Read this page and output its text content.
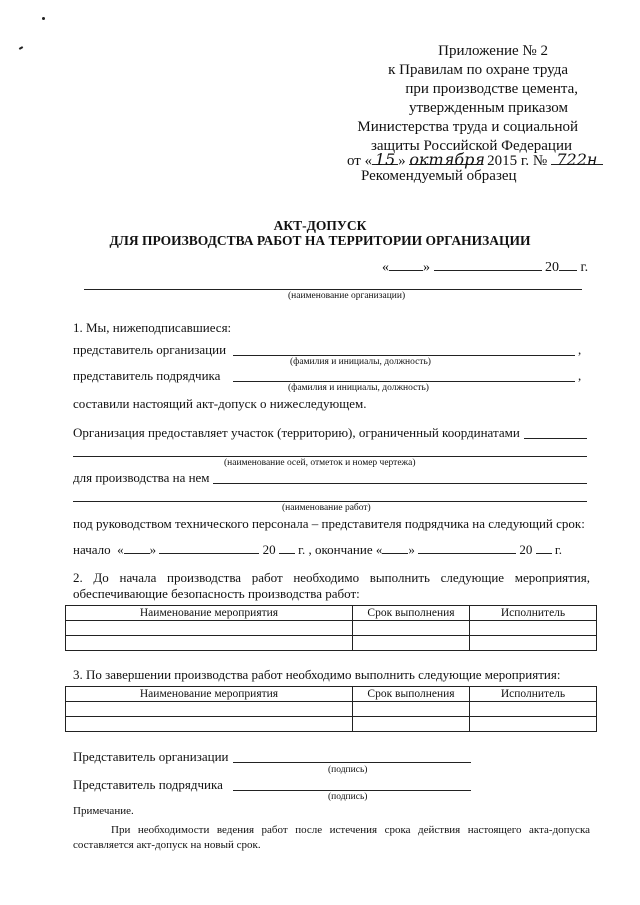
Приложение № 2
к Правилам по охране труда
при производстве цемента,
утвержденным приказом
Министерства труда и социальной
защиты Российской Федерации
от « 15 » октября 2015 г. № 722н
Рекомендуемый образец
АКТ-ДОПУСК
ДЛЯ ПРОИЗВОДСТВА РАБОТ НА ТЕРРИТОРИИ ОРГАНИЗАЦИИ
« »	20 г.
(наименование организации)
1. Мы, нижеподписавшиеся:
представитель организации	,
(фамилия и инициалы, должность)
представитель подрядчика	,
(фамилия и инициалы, должность)
составили настоящий акт-допуск о нижеследующем.
Организация предоставляет участок (территорию), ограниченный координатами
(наименование осей, отметок и номер чертежа)
для производства на нем
(наименование работ)
под руководством технического персонала – представителя подрядчика на следующий срок:
начало  « »	20 г. , окончание « »	20 г.
2. До начала производства работ необходимо выполнить следующие мероприятия, обеспечивающие безопасность производства работ:
Наименование мероприятия	Срок выполнения	Исполнитель

3. По завершении производства работ необходимо выполнить следующие мероприятия:
Наименование мероприятия	Срок выполнения	Исполнитель

Представитель организации
(подпись)
Представитель подрядчика
(подпись)
Примечание.
При необходимости ведения работ после истечения срока действия настоящего акта-допуска составляется акт-допуск на новый срок.
